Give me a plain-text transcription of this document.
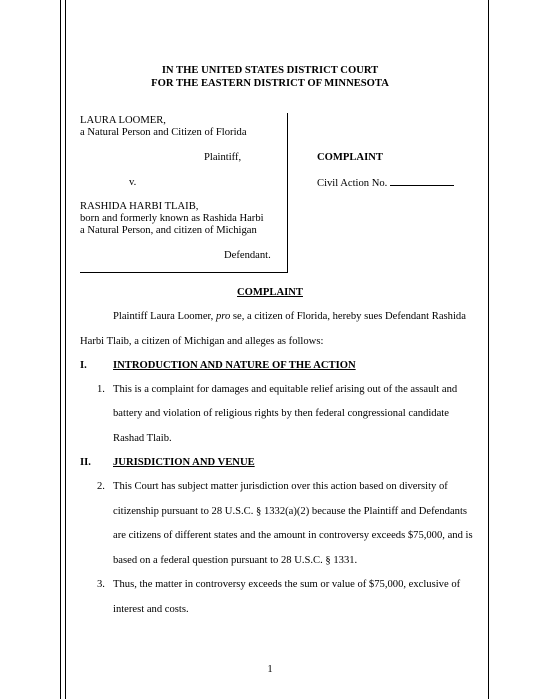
IN THE UNITED STATES DISTRICT COURT
FOR THE EASTERN DISTRICT OF MINNESOTA
LAURA LOOMER,
a Natural Person and Citizen of Florida
Plaintiff,
v.
RASHIDA HARBI TLAIB,
born and formerly known as Rashida Harbi
a Natural Person, and citizen of Michigan
Defendant.
COMPLAINT
Civil Action No.
COMPLAINT
Plaintiff Laura Loomer, pro se, a citizen of Florida, hereby sues Defendant Rashida
Harbi Tlaib, a citizen of Michigan and alleges as follows:
I. INTRODUCTION AND NATURE OF THE ACTION
1. This is a complaint for damages and equitable relief arising out of the assault and
battery and violation of religious rights by then federal congressional candidate
Rashad Tlaib.
II. JURISDICTION AND VENUE
2. This Court has subject matter jurisdiction over this action based on diversity of
citizenship pursuant to 28 U.S.C. § 1332(a)(2) because the Plaintiff and Defendants
are citizens of different states and the amount in controversy exceeds $75,000, and is
based on a federal question pursuant to 28 U.S.C. § 1331.
3. Thus, the matter in controversy exceeds the sum or value of $75,000, exclusive of
interest and costs.
1
